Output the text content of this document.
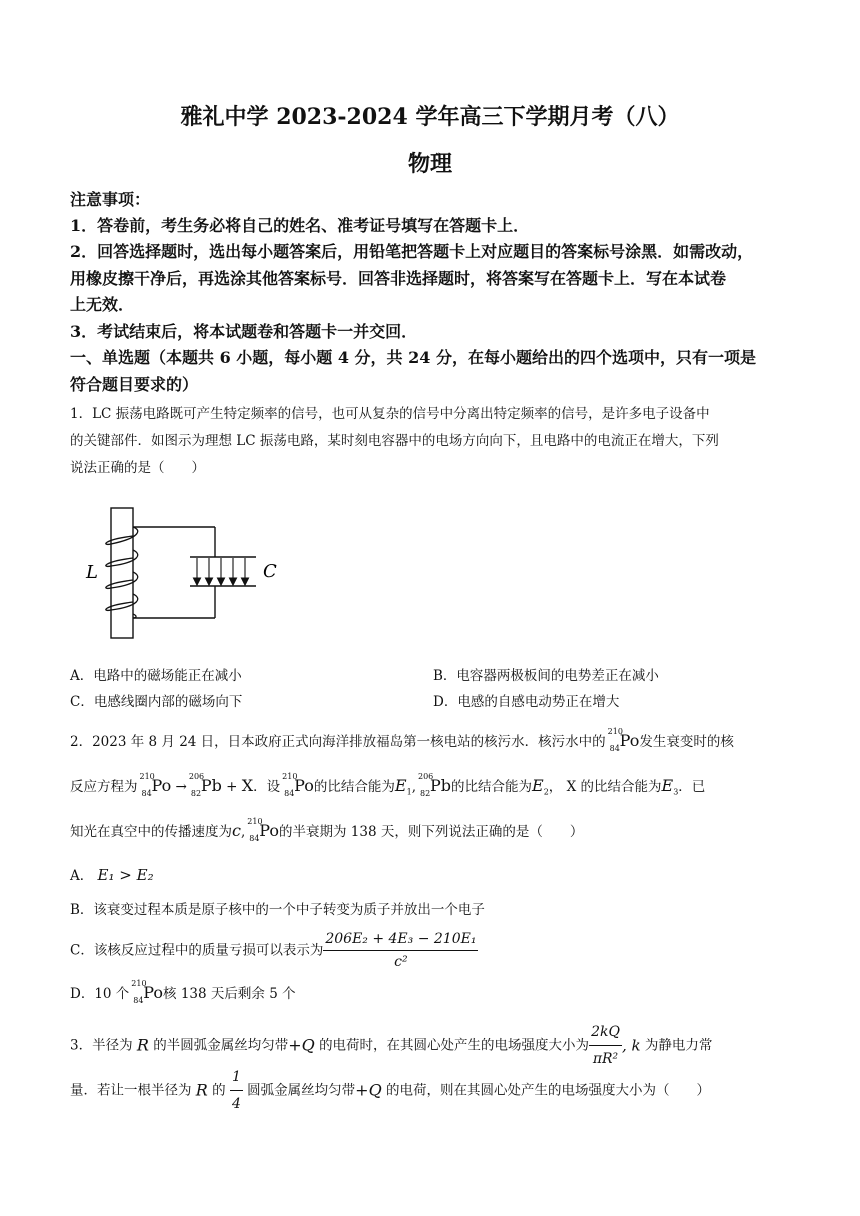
雅礼中学 2023-2024 学年高三下学期月考（八）
物理
注意事项：
1．答卷前，考生务必将自己的姓名、准考证号填写在答题卡上．
2．回答选择题时，选出每小题答案后，用铅笔把答题卡上对应题目的答案标号涂黑．如需改动，
用橡皮擦干净后，再选涂其他答案标号．回答非选择题时，将答案写在答题卡上．写在本试卷
上无效．
3．考试结束后，将本试题卷和答题卡一并交回．
一、单选题（本题共 6 小题，每小题 4 分，共 24 分，在每小题给出的四个选项中，只有一项是
符合题目要求的）
1．LC 振荡电路既可产生特定频率的信号，也可从复杂的信号中分离出特定频率的信号，是许多电子设备中
的关键部件．如图示为理想 LC 振荡电路，某时刻电容器中的电场方向向下，且电路中的电流正在增大，下列
说法正确的是（　　）
L	C
A．电路中的磁场能正在减小	B．电容器两极板间的电势差正在减小
C．电感线圈内部的磁场向下	D．电感的自感电动势正在增大
2．2023 年 8 月 24 日，日本政府正式向海洋排放福岛第一核电站的核污水．核污水中的
210
84 Po发生衰变时的核
反应方程为
210
84 Po →
206
82 Pb + X．设
210
84 Po的比结合能为$E_1$,
206
82 Pb的比结合能为$E_2$， X 的比结合能为$E_3$．已
知光在真空中的传播速度为c,
210
84 Po的半衰期为 138 天，则下列说法正确的是（　　）
A． E₁ > E₂
B．该衰变过程本质是原子核中的一个中子转变为质子并放出一个电子
C．该核反应过程中的质量亏损可以表示为 $\frac{\text{206E₂ + 4E₃ − 210E₁}}{\text{c²}}$
D．10 个
210
84 Po核 138 天后剩余 5 个
3．半径为 R 的半圆弧金属丝均匀带+Q 的电荷时，在其圆心处产生的电场强度大小为 $\frac{2kQ}{\text{πR²}}$ , k 为静电力常
量．若让一根半径为 R 的 $\frac{1}{4}$ 圆弧金属丝均匀带+Q 的电荷，则在其圆心处产生的电场强度大小为（　　）
